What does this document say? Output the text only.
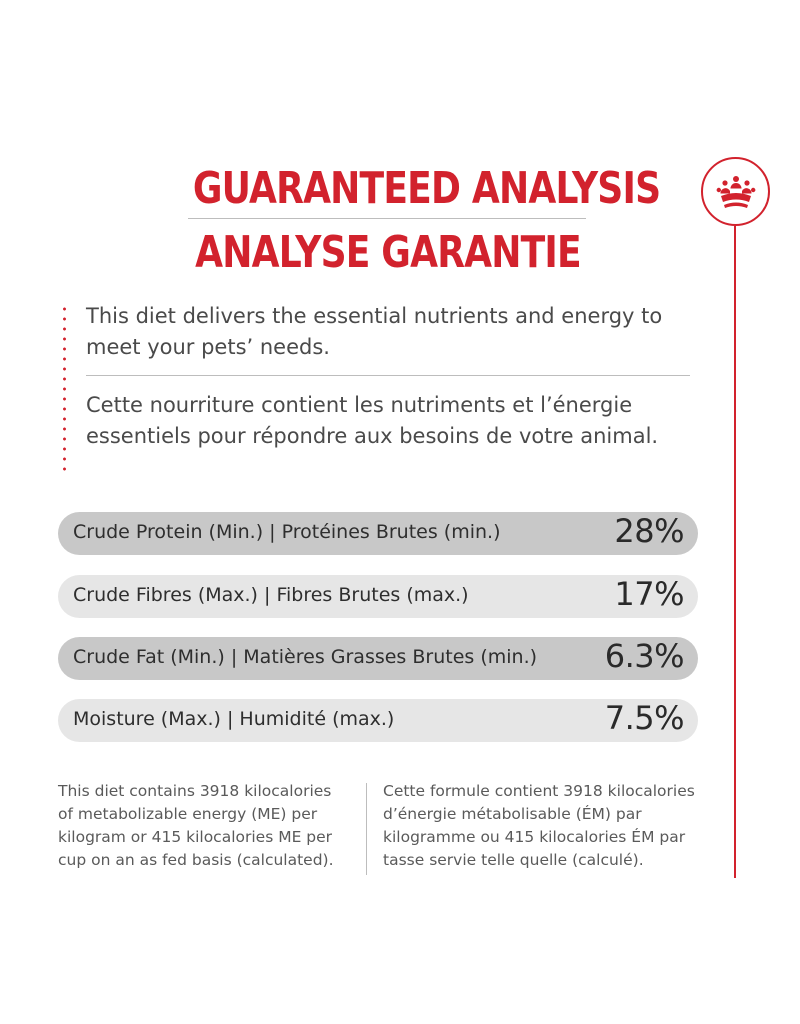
GUARANTEED ANALYSIS
ANALYSE GARANTIE
This diet delivers the essential nutrients and energy to meet your pets’ needs.
Cette nourriture contient les nutriments et l’énergie essentiels pour répondre aux besoins de votre animal.
Crude Protein (Min.) | Protéines Brutes (min.)	28%
Crude Fibres (Max.) | Fibres Brutes (max.)	17%
Crude Fat (Min.) | Matières Grasses Brutes (min.) 6.3%
Moisture (Max.) | Humidité (max.)	7.5%
This diet contains 3918 kilocalories
of metabolizable energy (ME) per
kilogram or 415 kilocalories ME per
cup on an as fed basis (calculated).
Cette formule contient 3918 kilocalories
d’énergie métabolisable (ÉM) par
kilogramme ou 415 kilocalories ÉM par
tasse servie telle quelle (calculé).
